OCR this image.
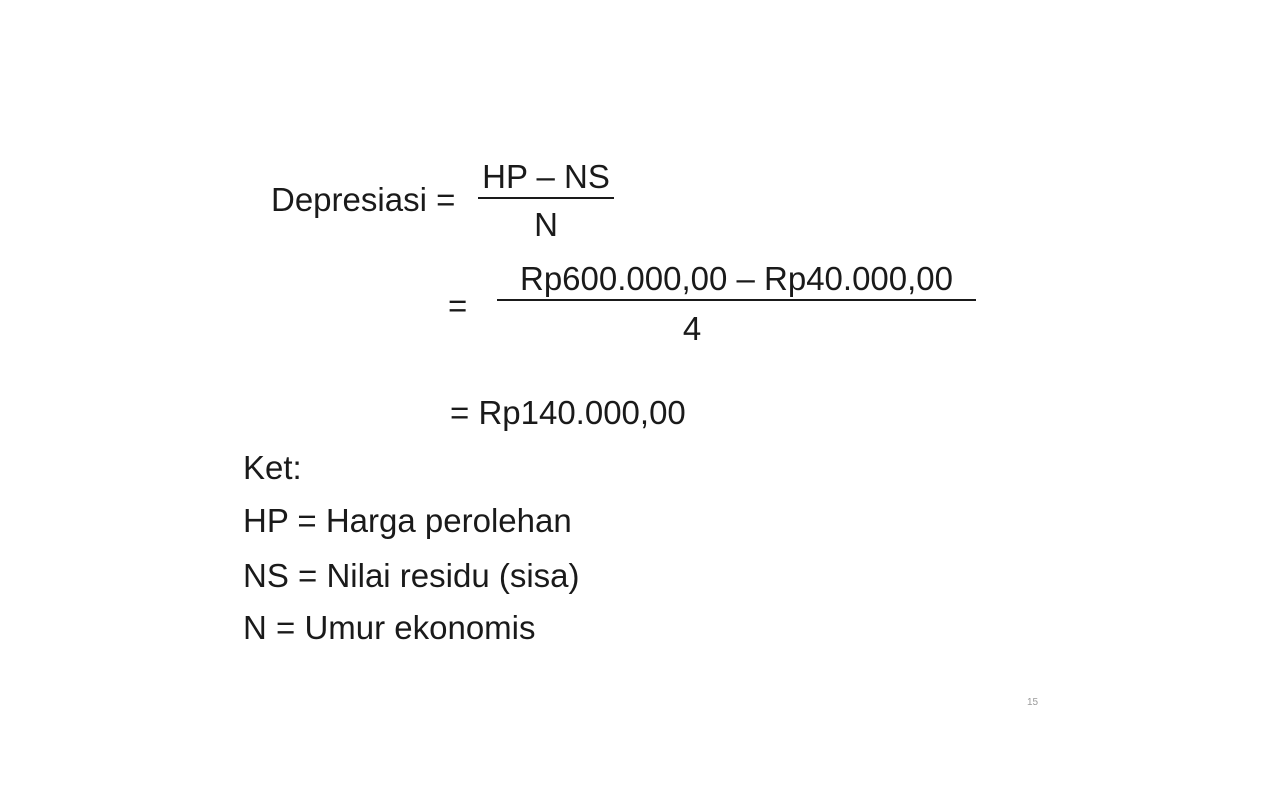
Depresiasi =
HP – NS
N
=
Rp600.000,00 – Rp40.000,00
4
= Rp140.000,00
Ket:
HP = Harga perolehan
NS = Nilai residu (sisa)
N = Umur ekonomis
15
